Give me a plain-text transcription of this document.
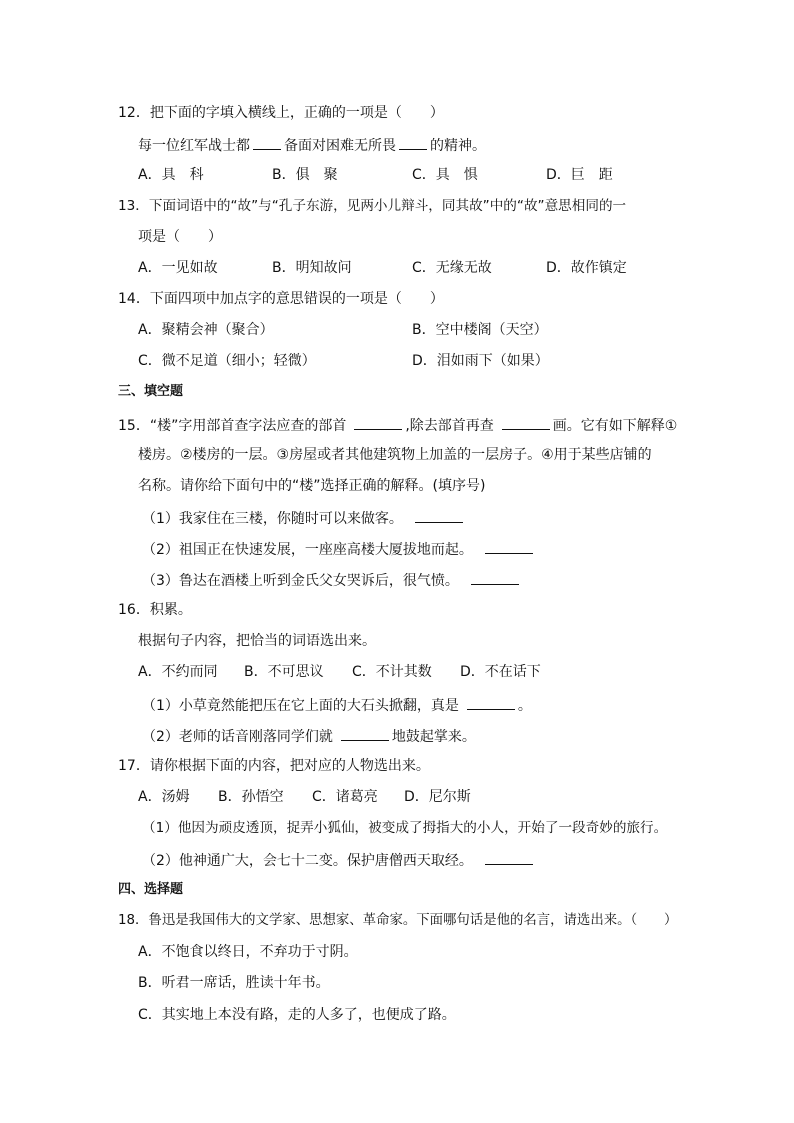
12．把下面的字填入横线上，正确的一项是（　　）
每一位红军战士都 备面对困难无所畏 的精神。
A．具　科	B．俱　聚	C．具　惧	D．巨　距
13．下面词语中的“故”与“孔子东游，见两小儿辩斗，同其故”中的“故”意思相同的一
项是（　　）
A．一见如故	B．明知故问	C．无缘无故	D．故作镇定
14．下面四项中加点字的意思错误的一项是（　　）
A．聚精会神（聚合）	B．空中楼阁（天空）
C．微不足道（细小；轻微）	D．泪如雨下（如果）
三、填空题
15．“楼”字用部首查字法应查的部首	,除去部首再查	画。它有如下解释①
楼房。②楼房的一层。③房屋或者其他建筑物上加盖的一层房子。④用于某些店铺的
名称。请你给下面句中的“楼”选择正确的解释。(填序号)
（1）我家住在三楼，你随时可以来做客。
（2）祖国正在快速发展，一座座高楼大厦拔地而起。
（3）鲁达在酒楼上听到金氏父女哭诉后，很气愤。
16．积累。
根据句子内容，把恰当的词语选出来。
A．不约而同 B．不可思议 C．不计其数 D．不在话下
（1）小草竟然能把压在它上面的大石头掀翻，真是	。
（2）老师的话音刚落同学们就	地鼓起掌来。
17．请你根据下面的内容，把对应的人物选出来。
A．汤姆 B．孙悟空 C．诸葛亮 D．尼尔斯
（1）他因为顽皮透顶，捉弄小狐仙，被变成了拇指大的小人，开始了一段奇妙的旅行。
（2）他神通广大，会七十二变。保护唐僧西天取经。
四、选择题
18．鲁迅是我国伟大的文学家、思想家、革命家。下面哪句话是他的名言，请选出来。（　　）
A．不饱食以终日，不弃功于寸阴。
B．听君一席话，胜读十年书。
C．其实地上本没有路，走的人多了，也便成了路。
